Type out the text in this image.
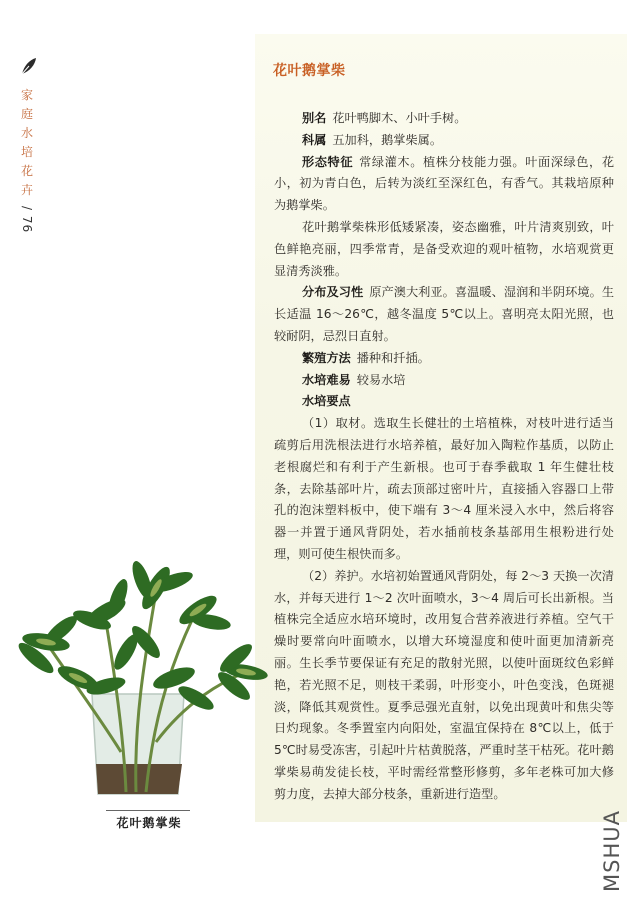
家
庭
水
培
花
卉
/ 76
花叶鹅掌柴

别名 花叶鸭脚木、小叶手树。

科属 五加科，鹅掌柴属。

形态特征 常绿灌木。植株分枝能力强。叶面深绿色，花小，初为青白色，后转为淡红至深红色，有香气。其栽培原种为鹅掌柴。

花叶鹅掌柴株形低矮紧凑，姿态幽雅，叶片清爽别致，叶色鲜艳亮丽，四季常青，是备受欢迎的观叶植物，水培观赏更显清秀淡雅。

分布及习性 原产澳大利亚。喜温暖、湿润和半阴环境。生长适温 16～26℃，越冬温度 5℃以上。喜明亮太阳光照，也较耐阴，忌烈日直射。

繁殖方法 播种和扦插。

水培难易 较易水培

水培要点

（1）取材。选取生长健壮的土培植株，对枝叶进行适当疏剪后用洗根法进行水培养植，最好加入陶粒作基质，以防止老根腐烂和有利于产生新根。也可于春季截取 1 年生健壮枝条，去除基部叶片，疏去顶部过密叶片，直接插入容器口上带孔的泡沫塑料板中，使下端有 3～4 厘米浸入水中，然后将容器一并置于通风背阴处，若水插前枝条基部用生根粉进行处理，则可使生根快而多。

（2）养护。水培初始置通风背阴处，每 2～3 天换一次清水，并每天进行 1～2 次叶面喷水，3～4 周后可长出新根。当植株完全适应水培环境时，改用复合营养液进行养植。空气干燥时要常向叶面喷水，以增大环境湿度和使叶面更加清新亮丽。生长季节要保证有充足的散射光照，以使叶面斑纹色彩鲜艳，若光照不足，则枝干柔弱，叶形变小，叶色变浅，色斑褪淡，降低其观赏性。夏季忌强光直射，以免出现黄叶和焦尖等日灼现象。冬季置室内向阳处，室温宜保持在 8℃以上，低于 5℃时易受冻害，引起叶片枯黄脱落，严重时茎干枯死。花叶鹅掌柴易萌发徒长枝，平时需经常整形修剪，多年老株可加大修剪力度，去掉大部分枝条，重新进行造型。

花叶鹅掌柴	MSHUA
